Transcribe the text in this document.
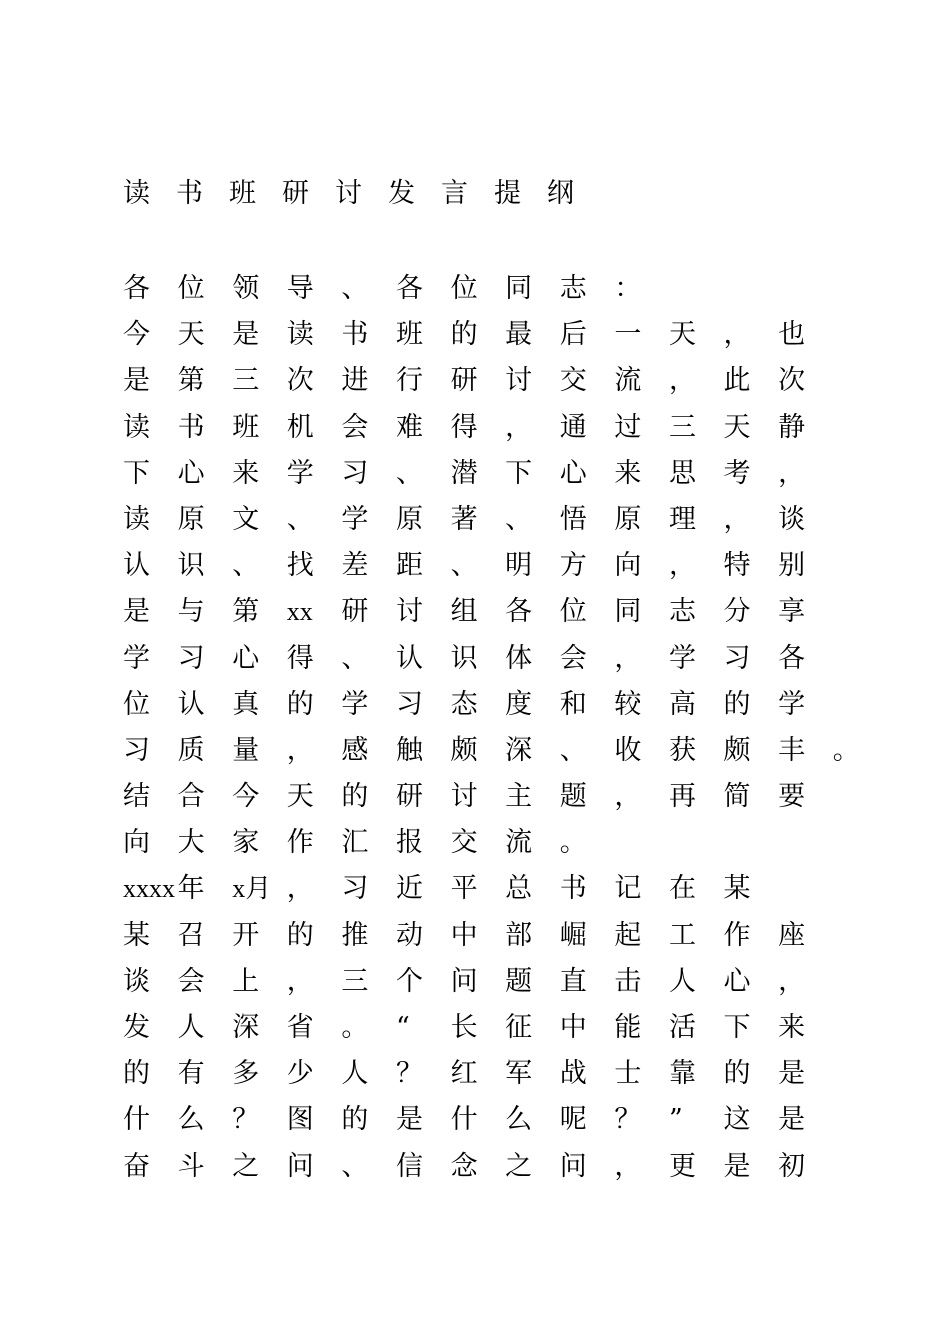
读书班研讨发言提纲
各 位 领 导 、 各 位 同 志 ：
今 天 是 读 书 班 的 最 后 一 天 ， 也
是 第 三 次 进 行 研 讨 交 流 ， 此 次
读 书 班 机 会 难 得 ， 通 过 三 天 静
下 心 来 学 习 、 潜 下 心 来 思 考 ，
读 原 文 、 学 原 著 、 悟 原 理 ， 谈
认 识 、 找 差 距 、 明 方 向 ， 特 别
是 与 第 xx 研 讨 组 各 位 同 志 分 享
学 习 心 得 、 认 识 体 会 ， 学 习 各
位 认 真 的 学 习 态 度 和 较 高 的 学
习 质 量 ， 感 触 颇 深 、 收 获 颇 丰 。
结 合 今 天 的 研 讨 主 题 ， 再 简 要
向 大 家 作 汇 报 交 流 。
xxxx年 x月 ， 习 近 平 总 书 记 在 某
某 召 开 的 推 动 中 部 崛 起 工 作 座
谈 会 上 ， 三 个 问 题 直 击 人 心 ，
发 人 深 省 。 “ 长 征 中 能 活 下 来
的 有 多 少 人 ？ 红 军 战 士 靠 的 是
什 么 ？ 图 的 是 什 么 呢 ？ ” 这 是
奋 斗 之 问 、 信 念 之 问 ， 更 是 初
